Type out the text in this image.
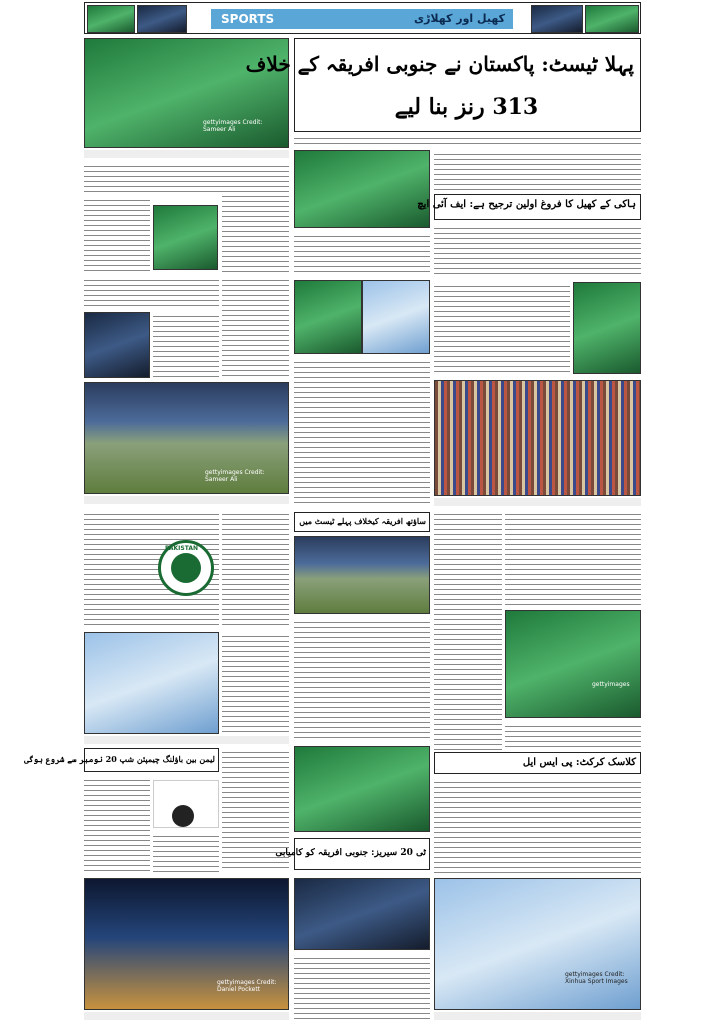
SPORTS	کھیل اور کھلاڑی
gettyimages Credit: Sameer Ali
پہلا ٹیسٹ: پاکستان نے جنوبی افریقہ کے خلاف
313 رنز بنا لیے
gettyimages Credit: Sameer Ali
ہاکی کے کھیل کا فروغ اولین ترجیح ہے: ایف آئی ایچ
PAKISTAN
لیمن بین باؤلنگ چیمپئن شپ 20 نومبر سے شروع ہوگی
gettyimages Credit: Daniel Pockett
ساؤتھ افریقہ کیخلاف پہلے ٹیسٹ میں
ٹی 20 سیریز: جنوبی افریقہ کو کامیابی
gettyimages
کلاسک کرکٹ: پی ایس ایل
gettyimages Credit: Xinhua Sport Images
